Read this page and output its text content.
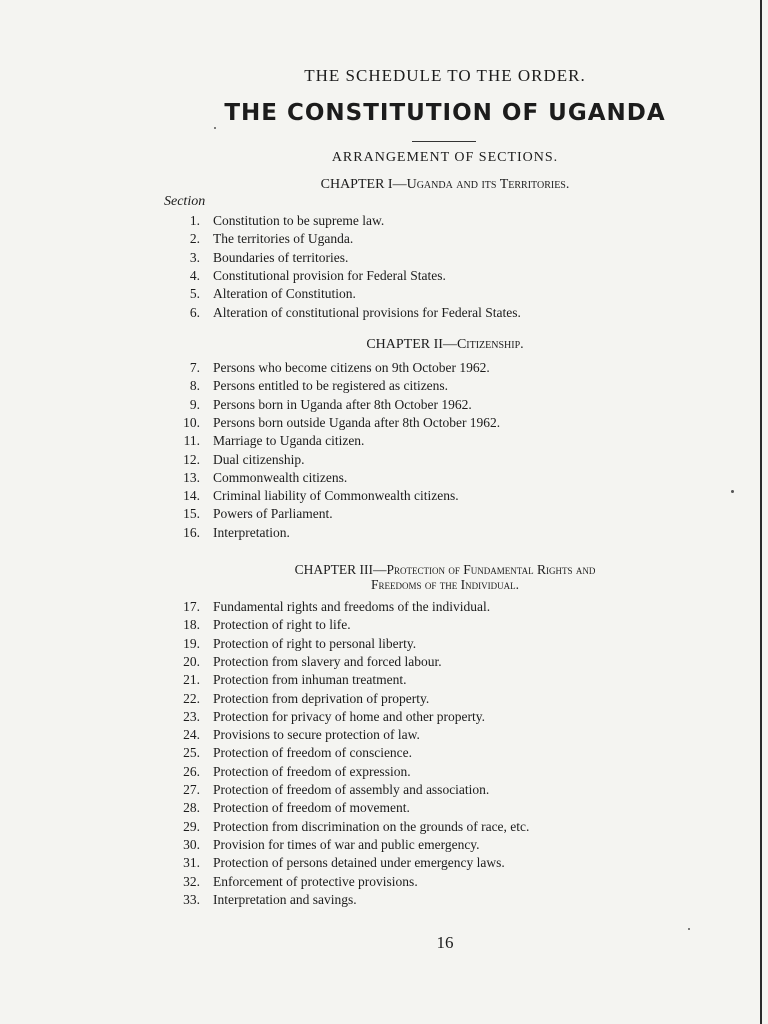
THE SCHEDULE TO THE ORDER.
THE CONSTITUTION OF UGANDA
ARRANGEMENT OF SECTIONS.
CHAPTER I—Uganda and its Territories.
Section
CHAPTER II—Citizenship.
CHAPTER III—Protection of Fundamental Rights and
Freedoms of the Individual.
1. Constitution to be supreme law.
2. The territories of Uganda.
3. Boundaries of territories.
4. Constitutional provision for Federal States.
5. Alteration of Constitution.
6. Alteration of constitutional provisions for Federal States.
7. Persons who become citizens on 9th October 1962.
8. Persons entitled to be registered as citizens.
9. Persons born in Uganda after 8th October 1962.
10. Persons born outside Uganda after 8th October 1962.
11. Marriage to Uganda citizen.
12. Dual citizenship.
13. Commonwealth citizens.
14. Criminal liability of Commonwealth citizens.
15. Powers of Parliament.
16. Interpretation.
17. Fundamental rights and freedoms of the individual.
18. Protection of right to life.
19. Protection of right to personal liberty.
20. Protection from slavery and forced labour.
21. Protection from inhuman treatment.
22. Protection from deprivation of property.
23. Protection for privacy of home and other property.
24. Provisions to secure protection of law.
25. Protection of freedom of conscience.
26. Protection of freedom of expression.
27. Protection of freedom of assembly and association.
28. Protection of freedom of movement.
29. Protection from discrimination on the grounds of race, etc.
30. Provision for times of war and public emergency.
31. Protection of persons detained under emergency laws.
32. Enforcement of protective provisions.
33. Interpretation and savings.
16
